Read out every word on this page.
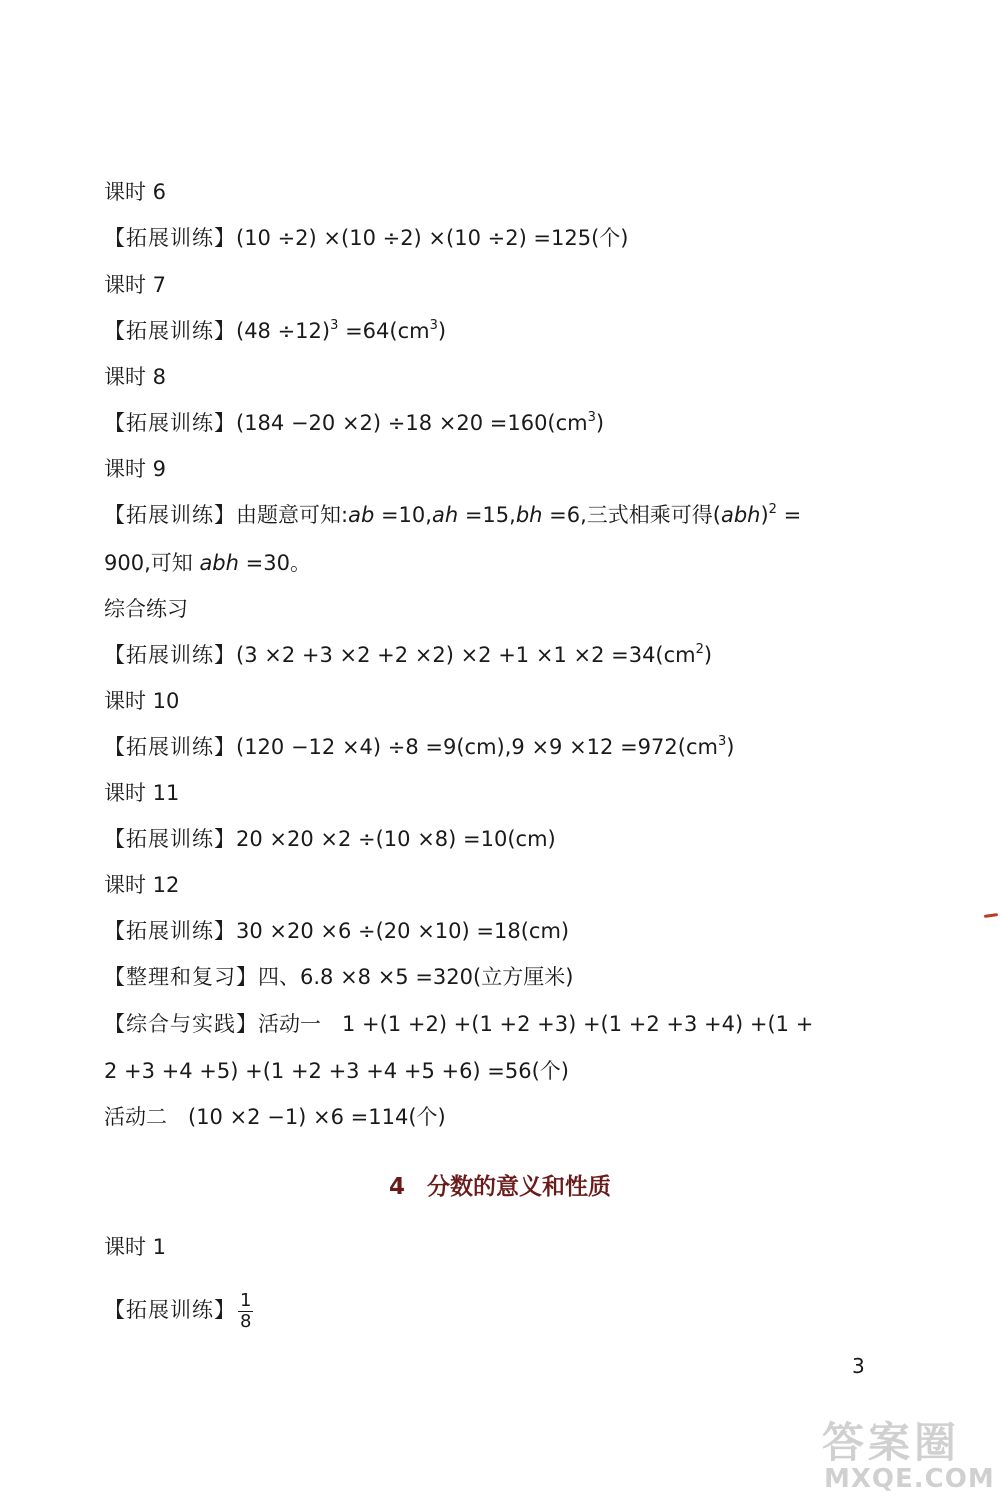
课时 6
【拓展训练】(10 ÷2) ×(10 ÷2) ×(10 ÷2) =125(个)
课时 7
【拓展训练】$(48 \div 12)^3 =64(cm^3)$
课时 8
【拓展训练】$(184 -20 \times 2) \div 18 \times 20 =160(cm^3)$
课时 9
【拓展训练】由题意可知:ab =10,ah =15,bh =6,三式相乘可得(abh)$^2$ =
900,可知 abh =30。
综合练习
【拓展训练】$(3 \times 2 +3 \times 2 +2 \times 2) \times 2 +1 \times 1 \times 2 =34(cm^2)$
课时 10
【拓展训练】$(120 -12 \times 4) \div 8 =9(cm),9 \times 9 \times 12 =972(cm^3)$
课时 11
【拓展训练】20 ×20 ×2 ÷(10 ×8) =10(cm)
课时 12
【拓展训练】30 ×20 ×6 ÷(20 ×10) =18(cm)
【整理和复习】四、6.8 ×8 ×5 =320(立方厘米)
【综合与实践】活动一　1 +(1 +2) +(1 +2 +3) +(1 +2 +3 +4) +(1 +
2 +3 +4 +5) +(1 +2 +3 +4 +5 +6) =56(个)
活动二　(10 ×2 −1) ×6 =114(个)
4 分数的意义和性质
课时 1
【拓展训练】 $\frac{1}{8}$
3
答案圈
MXQE.COM
